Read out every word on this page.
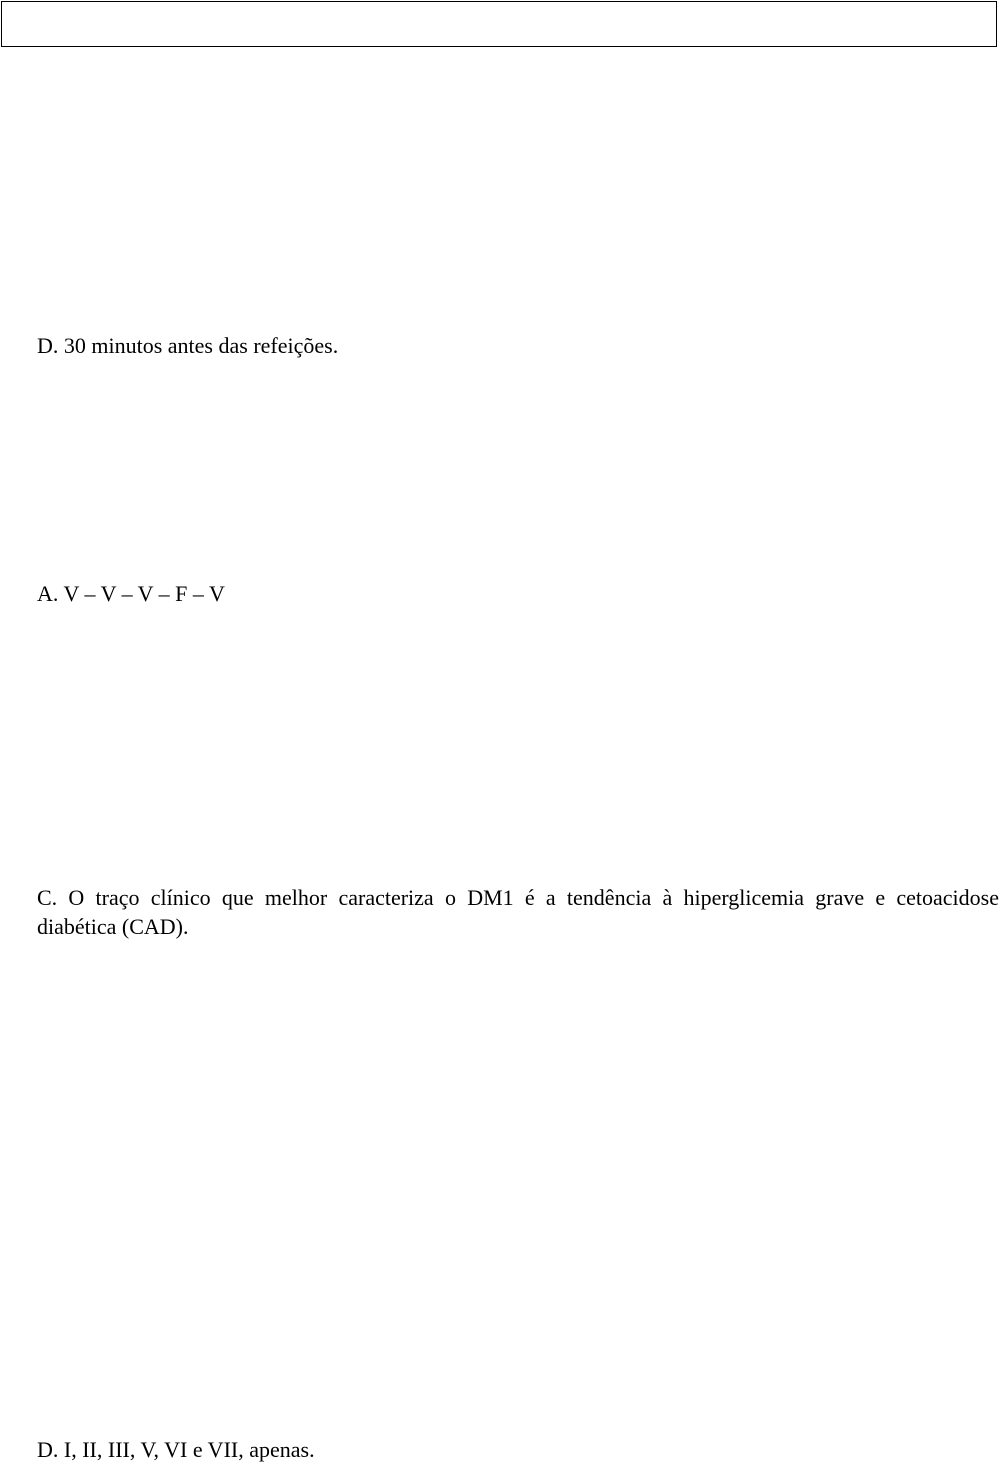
D. 30 minutos antes das refeições.

A. V – V – V – F – V

C. O traço clínico que melhor caracteriza o DM1 é a tendência à hiperglicemia grave e cetoacidose
diabética (CAD).

D. I, II, III, V, VI e VII, apenas.
